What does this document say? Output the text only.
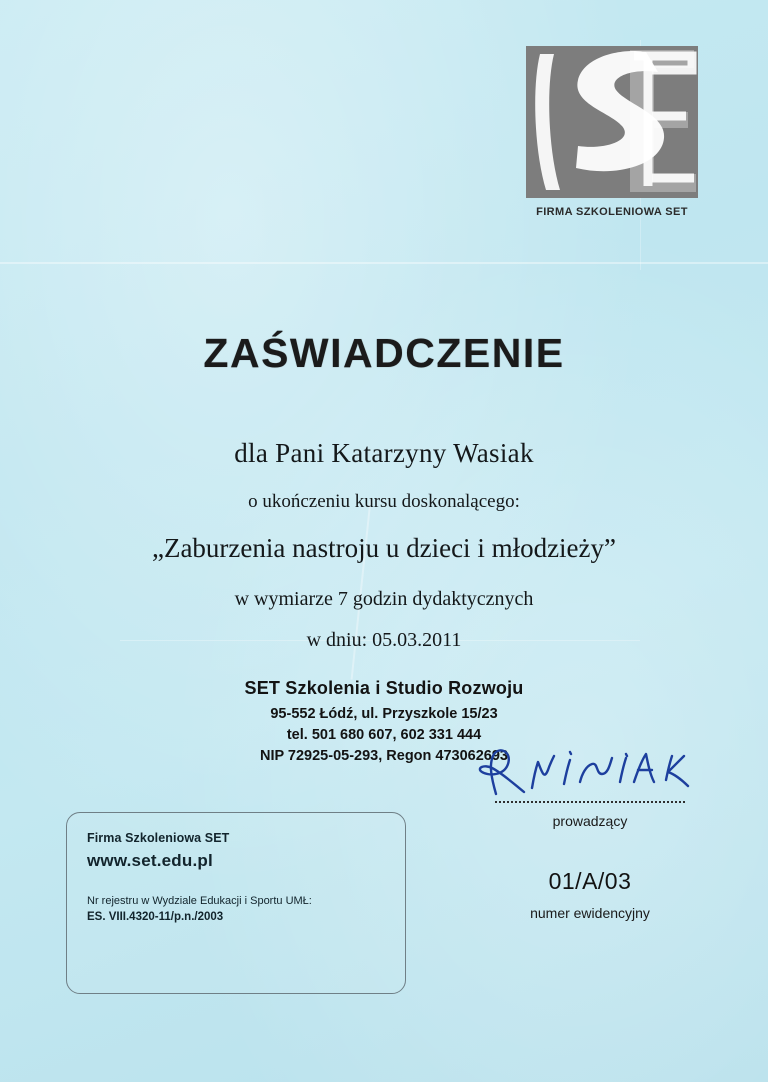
FIRMA SZKOLENIOWA SET
ZAŚWIADCZENIE
dla Pani Katarzyny Wasiak
o ukończeniu kursu doskonalącego:
„Zaburzenia nastroju u dzieci i młodzieży”
w wymiarze 7 godzin dydaktycznych
w dniu: 05.03.2011
SET Szkolenia i Studio Rozwoju
95-552 Łódź, ul. Przyszkole 15/23
tel. 501 680 607, 602 331 444
NIP 72925-05-293, Regon 473062693
prowadzący
01/A/03
numer ewidencyjny
Firma Szkoleniowa SET
www.set.edu.pl
Nr rejestru w Wydziale Edukacji i Sportu UMŁ:
ES. VIII.4320-11/p.n./2003
